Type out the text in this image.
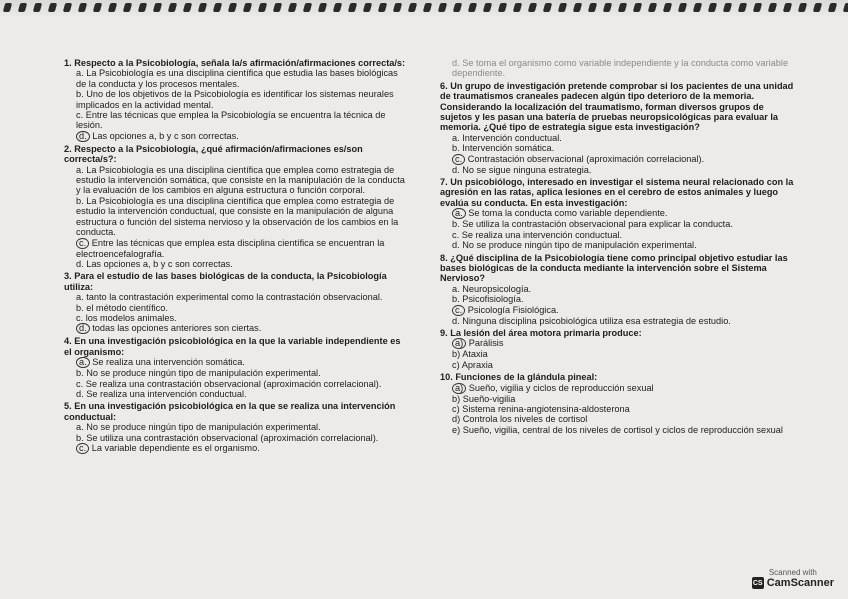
1. Respecto a la Psicobiología, señala la/s afirmación/afirmaciones correcta/s:

a. La Psicobiología es una disciplina científica que estudia las bases biológicas de la conducta y los procesos mentales.

b. Uno de los objetivos de la Psicobiología es identificar los sistemas neurales implicados en la actividad mental.

c. Entre las técnicas que emplea la Psicobiología se encuentra la técnica de lesión.

d. Las opciones a, b y c son correctas.

2. Respecto a la Psicobiología, ¿qué afirmación/afirmaciones es/son correcta/s?:

a. La Psicobiología es una disciplina científica que emplea como estrategia de estudio la intervención somática, que consiste en la manipulación de la conducta y la evaluación de los cambios en alguna estructura o función corporal.

b. La Psicobiología es una disciplina científica que emplea como estrategia de estudio la intervención conductual, que consiste en la manipulación de alguna estructura o función del sistema nervioso y la observación de los cambios en la conducta.

c. Entre las técnicas que emplea esta disciplina científica se encuentran la electroencefalografía.

d. Las opciones a, b y c son correctas.

3. Para el estudio de las bases biológicas de la conducta, la Psicobiología utiliza:

a. tanto la contrastación experimental como la contrastación observacional.

b. el método científico.

c. los modelos animales.

d. todas las opciones anteriores son ciertas.

4. En una investigación psicobiológica en la que la variable independiente es el organismo:

a. Se realiza una intervención somática.

b. No se produce ningún tipo de manipulación experimental.

c. Se realiza una contrastación observacional (aproximación correlacional).

d. Se realiza una intervención conductual.

5. En una investigación psicobiológica en la que se realiza una intervención conductual:

a. No se produce ningún tipo de manipulación experimental.

b. Se utiliza una contrastación observacional (aproximación correlacional).

c. La variable dependiente es el organismo.

d. Se toma el organismo como variable independiente y la conducta como variable dependiente.

6. Un grupo de investigación pretende comprobar si los pacientes de una unidad de traumatismos craneales padecen algún tipo deterioro de la memoria. Considerando la localización del traumatismo, forman diversos grupos de sujetos y les pasan una batería de pruebas neuropsicológicas para evaluar la memoria. ¿Qué tipo de estrategia sigue esta investigación?

a. Intervención conductual.

b. Intervención somática.

c. Contrastación observacional (aproximación correlacional).

d. No se sigue ninguna estrategia.

7. Un psicobiólogo, interesado en investigar el sistema neural relacionado con la agresión en las ratas, aplica lesiones en el cerebro de estos animales y luego evalúa su conducta. En esta investigación:

a. Se toma la conducta como variable dependiente.

b. Se utiliza la contrastación observacional para explicar la conducta.

c. Se realiza una intervención conductual.

d. No se produce ningún tipo de manipulación experimental.

8. ¿Qué disciplina de la Psicobiología tiene como principal objetivo estudiar las bases biológicas de la conducta mediante la intervención sobre el Sistema Nervioso?

a. Neuropsicología.

b. Psicofisiología.

c. Psicología Fisiológica.

d. Ninguna disciplina psicobiológica utiliza esa estrategia de estudio.

9. La lesión del área motora primaria produce:

a) Parálisis

b) Ataxia

c) Apraxia

10. Funciones de la glándula pineal:

a) Sueño, vigilia y ciclos de reproducción sexual

b) Sueño-vigilia

c) Sistema renina-angiotensina-aldosterona

d) Controla los niveles de cortisol

e) Sueño, vigilia, central de los niveles de cortisol y ciclos de reproducción sexual

Scanned with
CS CamScanner
